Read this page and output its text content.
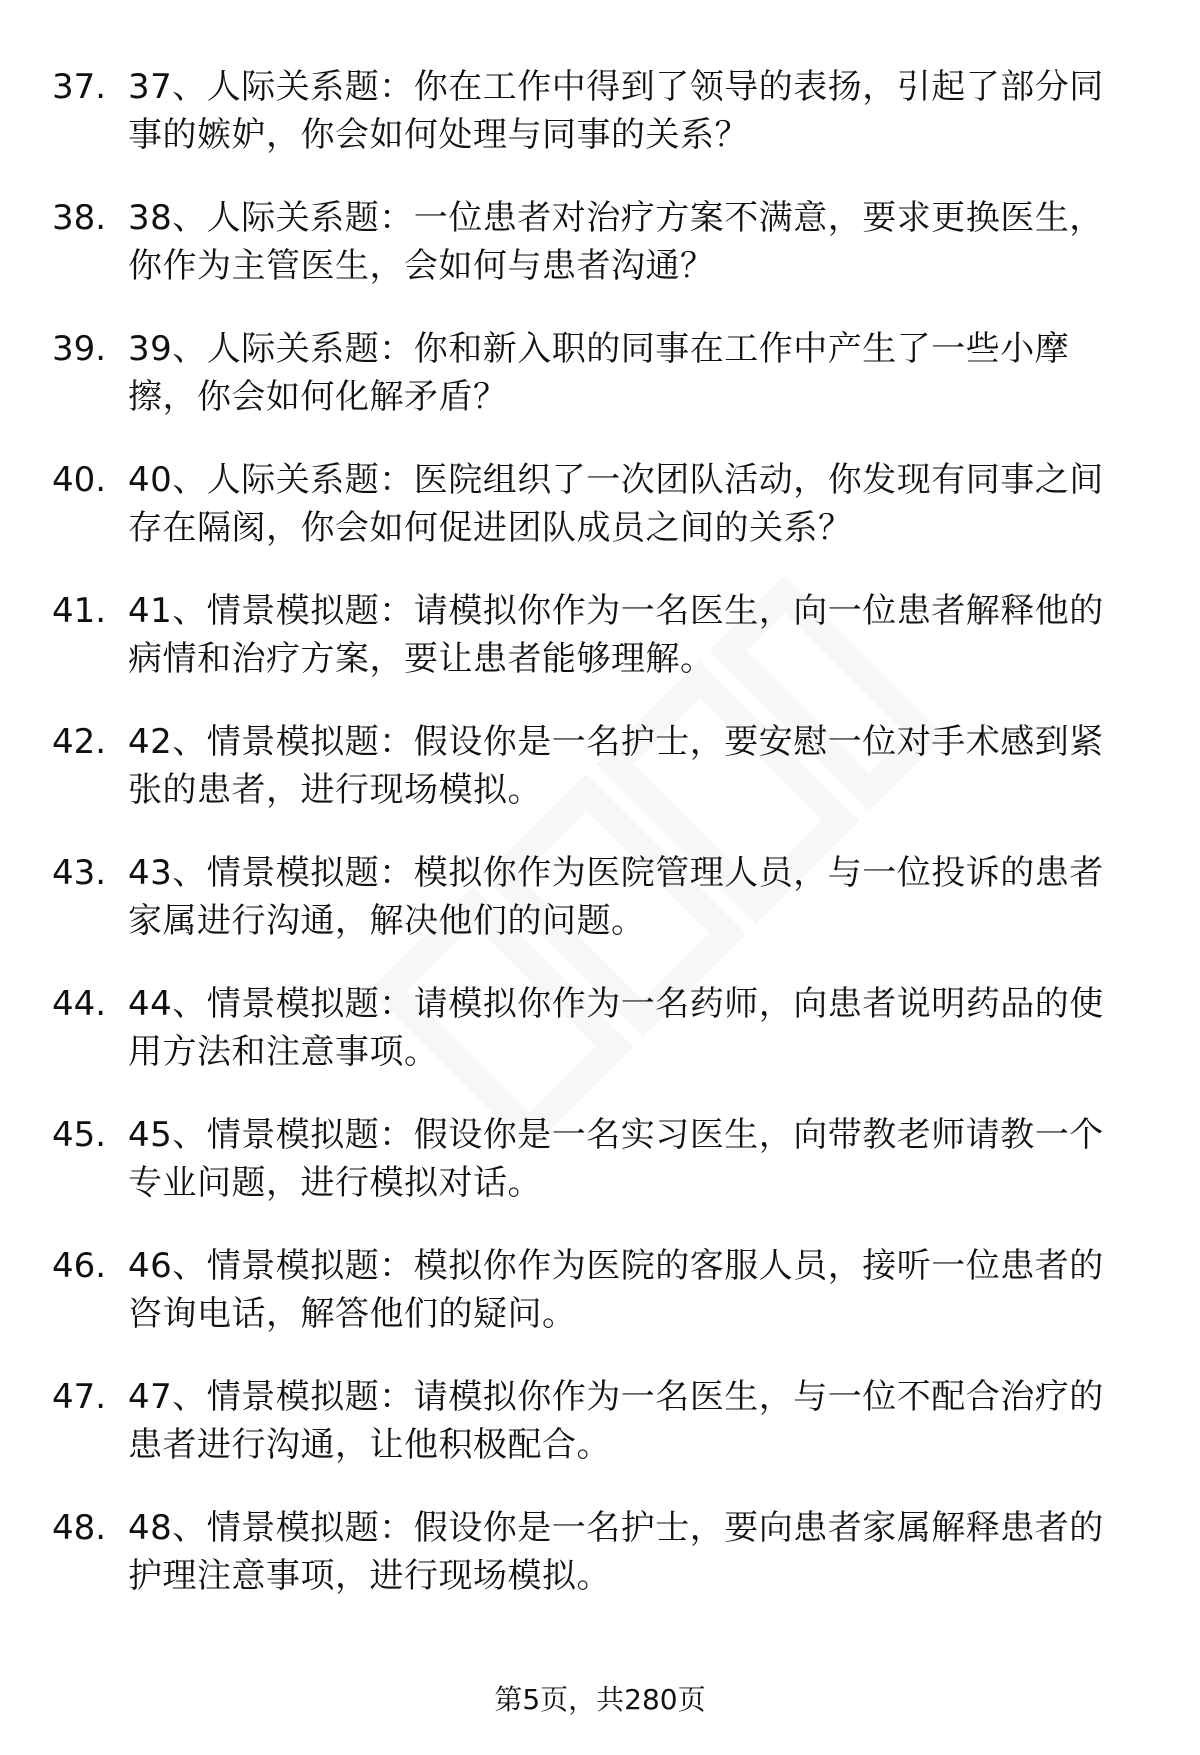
37. 37、人际关系题：你在工作中得到了领导的表扬，引起了部分同事的嫉妒，你会如何处理与同事的关系？
38. 38、人际关系题：一位患者对治疗方案不满意，要求更换医生，你作为主管医生，会如何与患者沟通？
39. 39、人际关系题：你和新入职的同事在工作中产生了一些小摩擦，你会如何化解矛盾？
40. 40、人际关系题：医院组织了一次团队活动，你发现有同事之间存在隔阂，你会如何促进团队成员之间的关系？
41. 41、情景模拟题：请模拟你作为一名医生，向一位患者解释他的病情和治疗方案，要让患者能够理解。
42. 42、情景模拟题：假设你是一名护士，要安慰一位对手术感到紧张的患者，进行现场模拟。
43. 43、情景模拟题：模拟你作为医院管理人员，与一位投诉的患者家属进行沟通，解决他们的问题。
44. 44、情景模拟题：请模拟你作为一名药师，向患者说明药品的使用方法和注意事项。
45. 45、情景模拟题：假设你是一名实习医生，向带教老师请教一个专业问题，进行模拟对话。
46. 46、情景模拟题：模拟你作为医院的客服人员，接听一位患者的咨询电话，解答他们的疑问。
47. 47、情景模拟题：请模拟你作为一名医生，与一位不配合治疗的患者进行沟通，让他积极配合。
48. 48、情景模拟题：假设你是一名护士，要向患者家属解释患者的护理注意事项，进行现场模拟。
第5页，共280页
